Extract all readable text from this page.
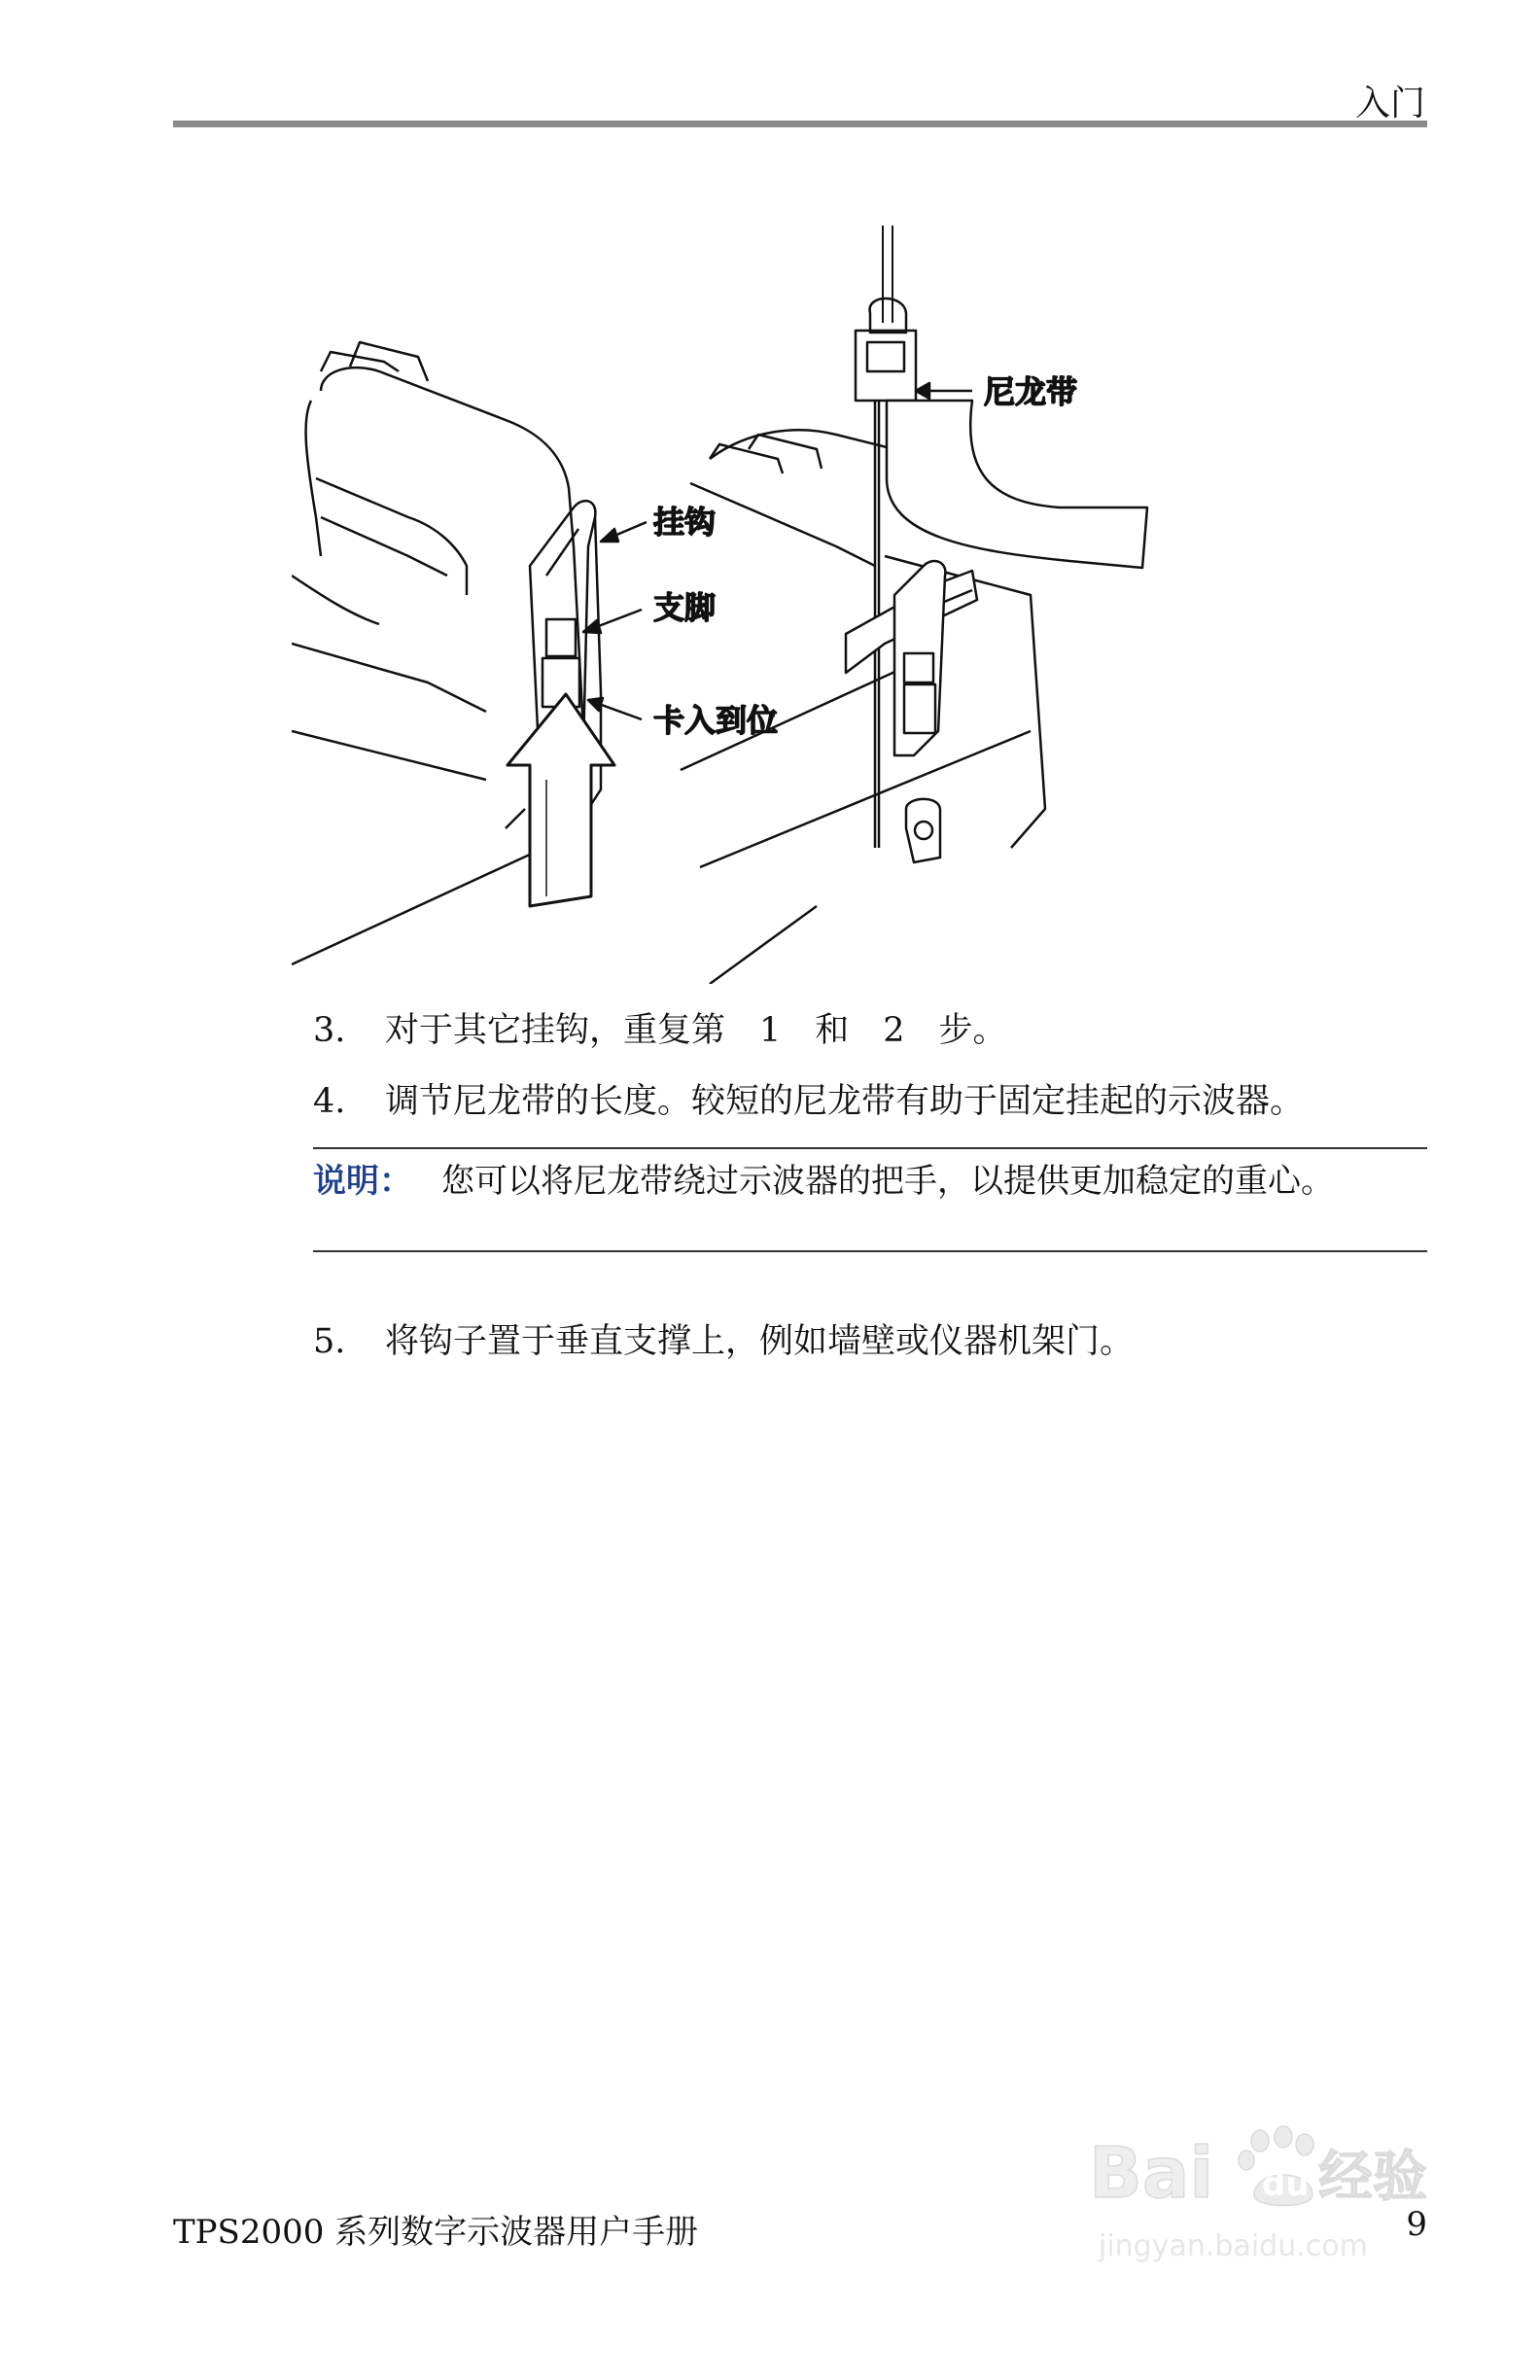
入门
挂钩
支脚
卡入到位
尼龙带
3. 对于其它挂钩，重复第　1　和　2　步。
4. 调节尼龙带的长度。较短的尼龙带有助于固定挂起的示波器。
说明： 您可以将尼龙带绕过示波器的把手，以提供更加稳定的重心。
5. 将钩子置于垂直支撑上，例如墙壁或仪器机架门。
Bai du 经验
jingyan.baidu.com
TPS2000 系列数字示波器用户手册	9
